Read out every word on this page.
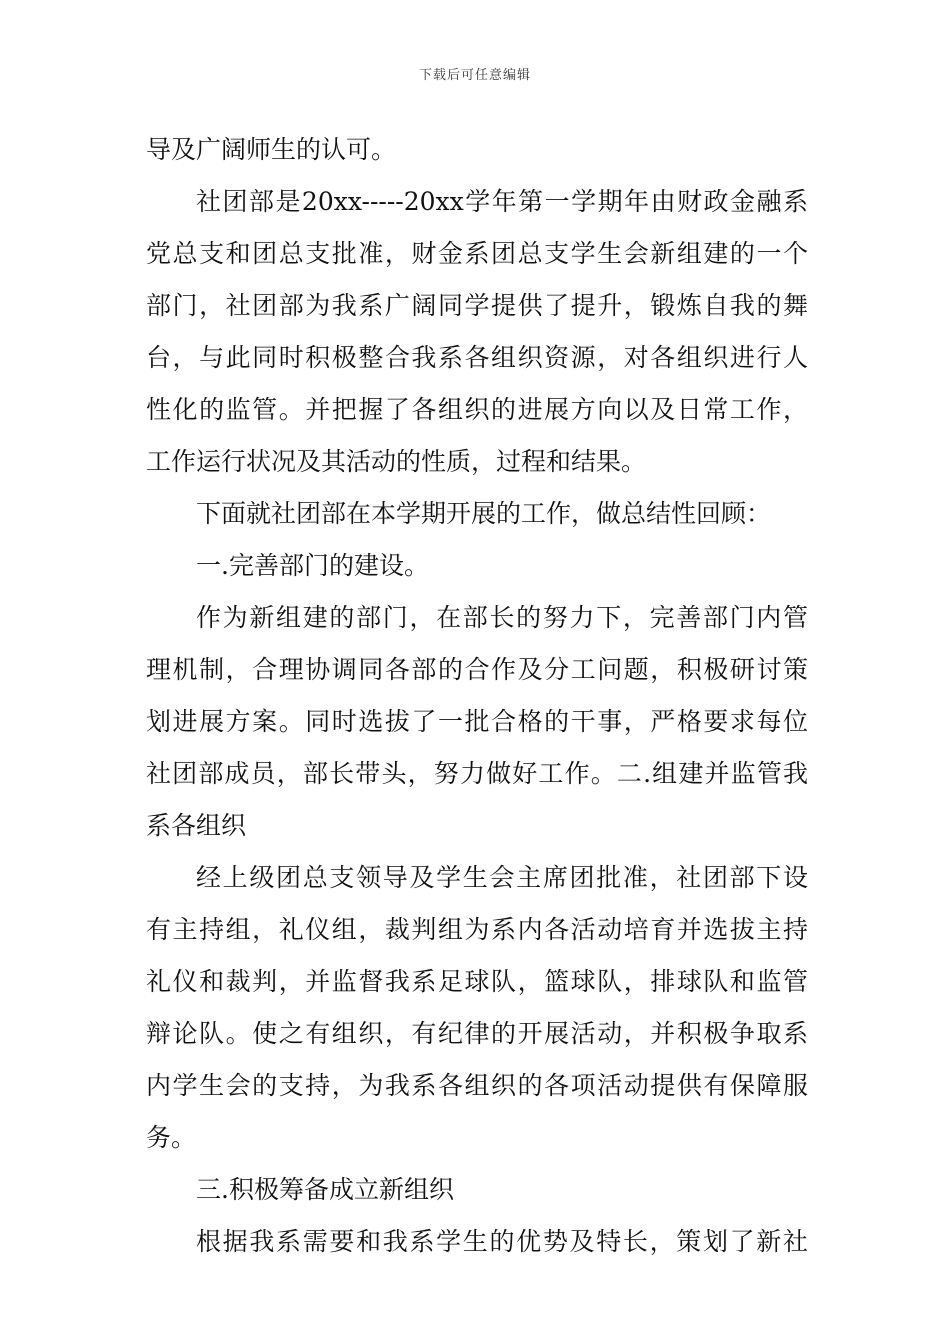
下载后可任意编辑
导及广阔师生的认可。
社团部是20xx-----20xx学年第一学期年由财政金融系
党总支和团总支批准，财金系团总支学生会新组建的一个
部门，社团部为我系广阔同学提供了提升，锻炼自我的舞
台，与此同时积极整合我系各组织资源，对各组织进行人
性化的监管。并把握了各组织的进展方向以及日常工作，
工作运行状况及其活动的性质，过程和结果。
下面就社团部在本学期开展的工作，做总结性回顾：
一.完善部门的建设。
作为新组建的部门，在部长的努力下，完善部门内管
理机制，合理协调同各部的合作及分工问题，积极研讨策
划进展方案。同时选拔了一批合格的干事，严格要求每位
社团部成员，部长带头，努力做好工作。二.组建并监管我
系各组织
经上级团总支领导及学生会主席团批准，社团部下设
有主持组，礼仪组，裁判组为系内各活动培育并选拔主持
礼仪和裁判，并监督我系足球队，篮球队，排球队和监管
辩论队。使之有组织，有纪律的开展活动，并积极争取系
内学生会的支持，为我系各组织的各项活动提供有保障服
务。
三.积极筹备成立新组织
根据我系需要和我系学生的优势及特长，策划了新社
